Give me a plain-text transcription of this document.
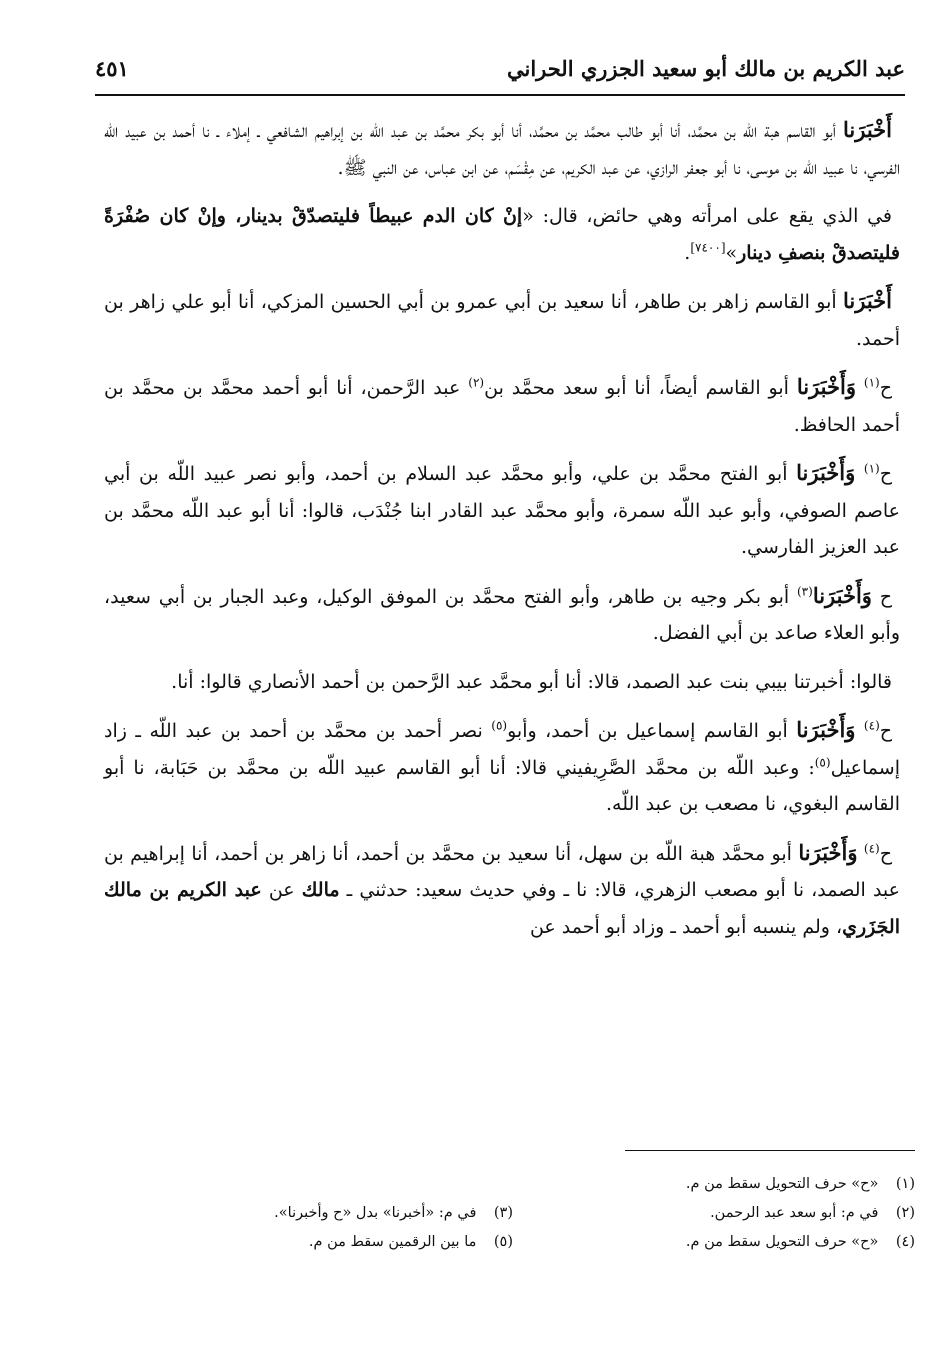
عبد الكريم بن مالك أبو سعيد الجزري الحراني
٤٥١

أَخْبَرَنا أبو القاسم هبة اللّه بن محمَّد، أنا أبو طالب محمَّد بن محمَّد، أنا أبو بكر محمَّد بن عبد اللّه بن إبراهيم الشافعي ـ إملاء ـ نا أحمد بن عبيد اللّه الفرسي، نا عبيد اللّه بن موسى، نا أبو جعفر الرازي، عن عبد الكريم، عن مِقْسَم، عن ابن عباس، عن النبي ﷺ.

في الذي يقع على امرأته وهي حائض، قال: «إنْ كان الدم عبيطاً فليتصدّقْ بدينار، وإنْ كان صُفْرَةً فليتصدقْ بنصفِ دينار»[٧٤٠٠].

أَخْبَرَنا أبو القاسم زاهر بن طاهر، أنا سعيد بن أبي عمرو بن أبي الحسين المزكي، أنا أبو علي زاهر بن أحمد.

ح$^{(١)}$ وَأَخْبَرَنا أبو القاسم أيضاً، أنا أبو سعد محمَّد بن$^{(٢)}$ عبد الرَّحمن، أنا أبو أحمد محمَّد بن محمَّد بن أحمد الحافظ.

ح$^{(١)}$ وَأَخْبَرَنا أبو الفتح محمَّد بن علي، وأبو محمَّد عبد السلام بن أحمد، وأبو نصر عبيد اللّه بن أبي عاصم الصوفي، وأبو عبد اللّه سمرة، وأبو محمَّد عبد القادر ابنا جُنْدَب، قالوا: أنا أبو عبد اللّه محمَّد بن عبد العزيز الفارسي.

ح وَأَخْبَرَنا$^{(٣)}$ أبو بكر وجيه بن طاهر، وأبو الفتح محمَّد بن الموفق الوكيل، وعبد الجبار بن أبي سعيد، وأبو العلاء صاعد بن أبي الفضل.

قالوا: أخبرتنا بيبي بنت عبد الصمد، قالا: أنا أبو محمَّد عبد الرَّحمن بن أحمد الأنصاري قالوا: أنا.

ح$^{(٤)}$ وَأَخْبَرَنا أبو القاسم إسماعيل بن أحمد، وأبو$^{(٥)}$ نصر أحمد بن محمَّد بن أحمد بن عبد اللّه ـ زاد إسماعيل$^{(٥)}$: وعبد اللّه بن محمَّد الصَّرِيفيني قالا: أنا أبو القاسم عبيد اللّه بن محمَّد بن حَبَابة، نا أبو القاسم البغوي، نا مصعب بن عبد اللّه.

ح$^{(٤)}$ وَأَخْبَرَنا أبو محمَّد هبة اللّه بن سهل، أنا سعيد بن محمَّد بن أحمد، أنا زاهر بن أحمد، أنا إبراهيم بن عبد الصمد، نا أبو مصعب الزهري، قالا: نا ـ وفي حديث سعيد: حدثني ـ مالك عن عبد الكريم بن مالك الجَزَري، ولم ينسبه أبو أحمد ـ وزاد أبو أحمد عن

(١) «ح» حرف التحويل سقط من م.
(٢) في م: أبو سعد عبد الرحمن.
(٣) في م: «أخبرنا» بدل «ح وأخبرنا».
(٤) «ح» حرف التحويل سقط من م.
(٥) ما بين الرقمين سقط من م.
